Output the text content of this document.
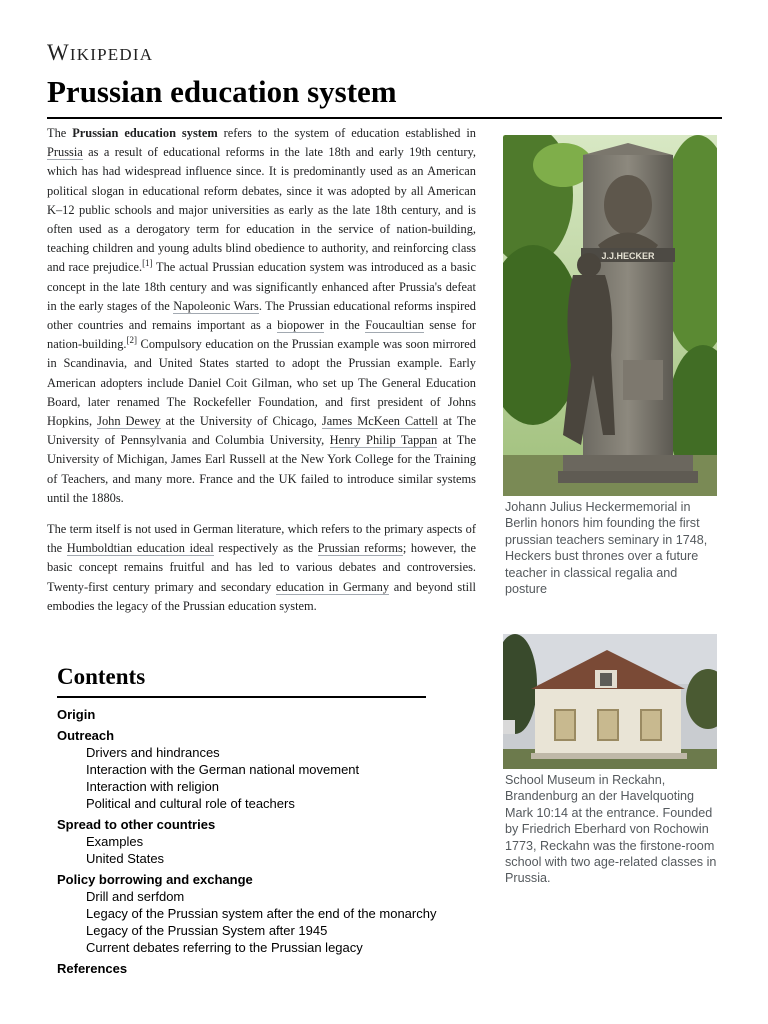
WIKIPEDIA
Prussian education system

The Prussian education system refers to the system of education established in Prussia as a result of educational reforms in the late 18th and early 19th century, which has had widespread influence since. It is predominantly used as an American political slogan in educational reform debates, since it was adopted by all American K–12 public schools and major universities as early as the late 18th century, and is often used as a derogatory term for education in the service of nation-building, teaching children and young adults blind obedience to authority, and reinforcing class and race prejudice.[1] The actual Prussian education system was introduced as a basic concept in the late 18th century and was significantly enhanced after Prussia's defeat in the early stages of the Napoleonic Wars. The Prussian educational reforms inspired other countries and remains important as a biopower in the Foucaultian sense for nation-building.[2] Compulsory education on the Prussian example was soon mirrored in Scandinavia, and United States started to adopt the Prussian example. Early American adopters include Daniel Coit Gilman, who set up The General Education Board, later renamed The Rockefeller Foundation, and first president of Johns Hopkins, John Dewey at the University of Chicago, James McKeen Cattell at The University of Pennsylvania and Columbia University, Henry Philip Tappan at The University of Michigan, James Earl Russell at the New York College for the Training of Teachers, and many more. France and the UK failed to introduce similar systems until the 1880s.

The term itself is not used in German literature, which refers to the primary aspects of the Humboldtian education ideal respectively as the Prussian reforms; however, the basic concept remains fruitful and has led to various debates and controversies. Twenty-first century primary and secondary education in Germany and beyond still embodies the legacy of the Prussian education system.

J.J.HECKER
Johann Julius Heckermemorial in Berlin honors him founding the first prussian teachers seminary in 1748, Heckers bust thrones over a future teacher in classical regalia and posture
School Museum in Reckahn, Brandenburg an der Havelquoting Mark 10:14 at the entrance. Founded by Friedrich Eberhard von Rochowin 1773, Reckahn was the firstone-room school with two age-related classes in Prussia.
Contents
Origin
Outreach
Drivers and hindrances
Interaction with the German national movement
Interaction with religion
Political and cultural role of teachers
Spread to other countries
Examples
United States
Policy borrowing and exchange
Drill and serfdom
Legacy of the Prussian system after the end of the monarchy
Legacy of the Prussian System after 1945
Current debates referring to the Prussian legacy
References
